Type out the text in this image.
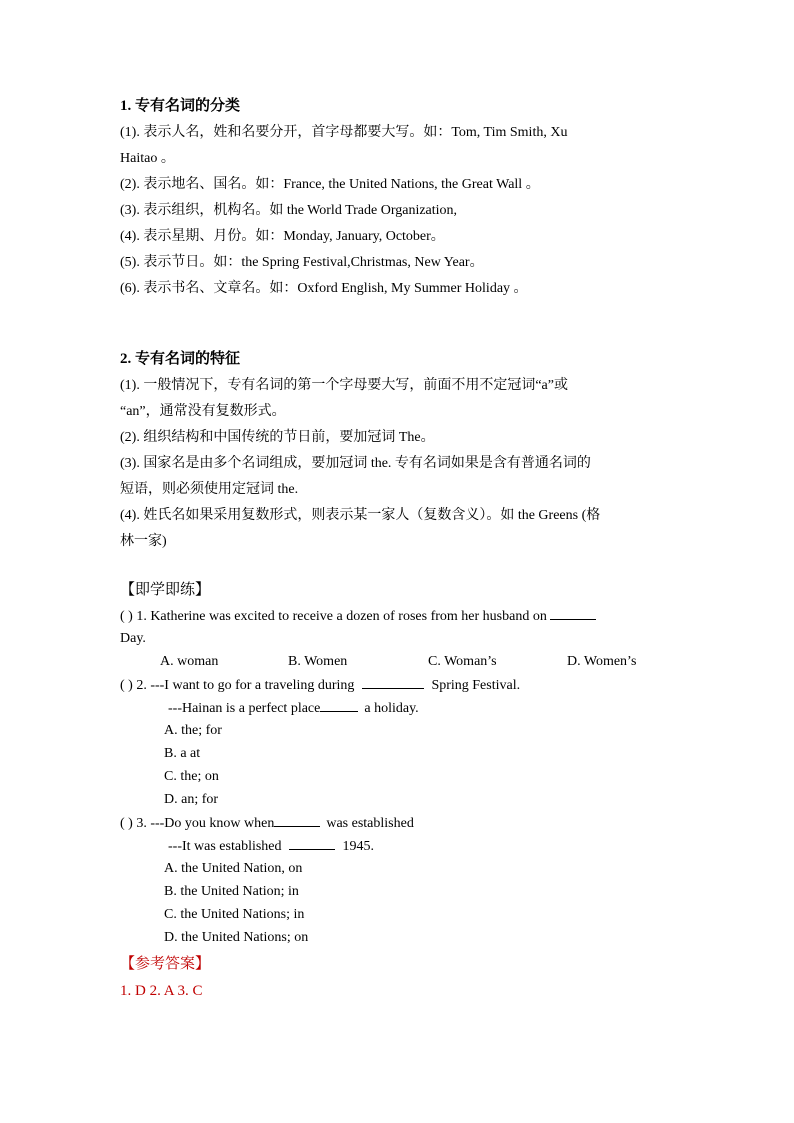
1. 专有名词的分类
(1). 表示人名，姓和名要分开，首字母都要大写。如：Tom, Tim Smith, Xu
Haitao 。
(2). 表示地名、国名。如：France, the United Nations, the Great Wall 。
(3). 表示组织，机构名。如 the World Trade Organization,
(4). 表示星期、月份。如：Monday, January, October。
(5). 表示节日。如：the Spring Festival,Christmas, New Year。
(6). 表示书名、文章名。如：Oxford English, My Summer Holiday 。
2. 专有名词的特征
(1). 一般情况下，专有名词的第一个字母要大写，前面不用不定冠词“a”或
“an”，通常没有复数形式。
(2). 组织结构和中国传统的节日前，要加冠词 The。
(3). 国家名是由多个名词组成，要加冠词 the. 专有名词如果是含有普通名词的
短语，则必须使用定冠词 the.
(4). 姓氏名如果采用复数形式，则表示某一家人（复数含义）。如 the Greens (格
林一家)
【即学即练】
( ) 1. Katherine was excited to receive a dozen of roses from her husband on
Day.
A. woman	B. Women	C. Woman’s	D. Women’s
( ) 2. ---I want to go for a traveling during	Spring Festival.
---Hainan is a perfect place	a holiday.
A. the; for
B. a at
C. the; on
D. an; for
( ) 3. ---Do you know when	was established
---It was established	1945.
A. the United Nation, on
B. the United Nation; in
C. the United Nations; in
D. the United Nations; on
【参考答案】
1. D 2. A 3. C
